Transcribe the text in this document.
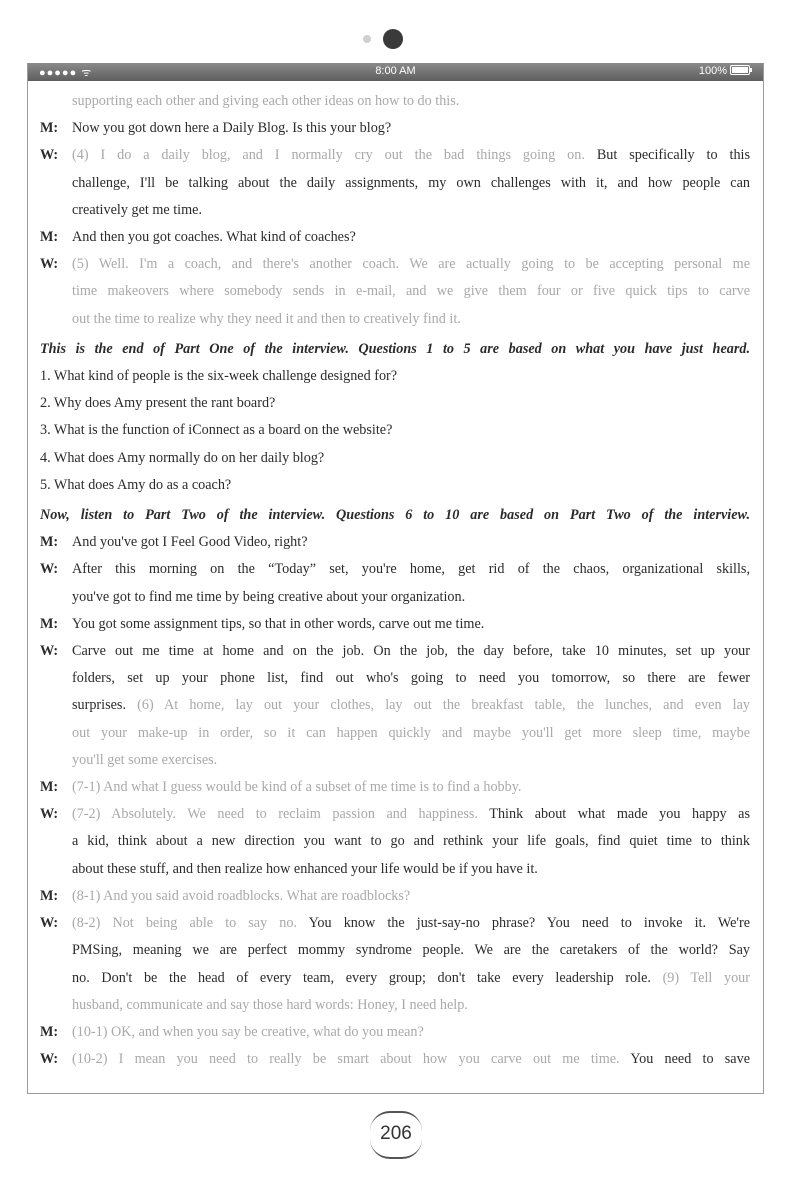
●●●●● ᯤ	8:00 AM	100%
supporting each other and giving each other ideas on how to do this.
M: Now you got down here a Daily Blog. Is this your blog?
W: (4) I do a daily blog, and I normally cry out the bad things going on. But specifically to this
challenge, I'll be talking about the daily assignments, my own challenges with it, and how people can
creatively get me time.
M: And then you got coaches. What kind of coaches?
W: (5) Well. I'm a coach, and there's another coach. We are actually going to be accepting personal me
time makeovers where somebody sends in e-mail, and we give them four or five quick tips to carve
out the time to realize why they need it and then to creatively find it.
This is the end of Part One of the interview. Questions 1 to 5 are based on what you have just heard.
1. What kind of people is the six-week challenge designed for?
2. Why does Amy present the rant board?
3. What is the function of iConnect as a board on the website?
4. What does Amy normally do on her daily blog?
5. What does Amy do as a coach?
Now, listen to Part Two of the interview. Questions 6 to 10 are based on Part Two of the interview.
M: And you've got I Feel Good Video, right?
W: After this morning on the “Today” set, you're home, get rid of the chaos, organizational skills,
you've got to find me time by being creative about your organization.
M: You got some assignment tips, so that in other words, carve out me time.
W: Carve out me time at home and on the job. On the job, the day before, take 10 minutes, set up your
folders, set up your phone list, find out who's going to need you tomorrow, so there are fewer
surprises. (6) At home, lay out your clothes, lay out the breakfast table, the lunches, and even lay
out your make-up in order, so it can happen quickly and maybe you'll get more sleep time, maybe
you'll get some exercises.
M: (7-1) And what I guess would be kind of a subset of me time is to find a hobby.
W: (7-2) Absolutely. We need to reclaim passion and happiness. Think about what made you happy as
a kid, think about a new direction you want to go and rethink your life goals, find quiet time to think
about these stuff, and then realize how enhanced your life would be if you have it.
M: (8-1) And you said avoid roadblocks. What are roadblocks?
W: (8-2) Not being able to say no. You know the just-say-no phrase? You need to invoke it. We're
PMSing, meaning we are perfect mommy syndrome people. We are the caretakers of the world? Say
no. Don't be the head of every team, every group; don't take every leadership role. (9) Tell your
husband, communicate and say those hard words: Honey, I need help.
M: (10-1) OK, and when you say be creative, what do you mean?
W: (10-2) I mean you need to really be smart about how you carve out me time. You need to save
206
